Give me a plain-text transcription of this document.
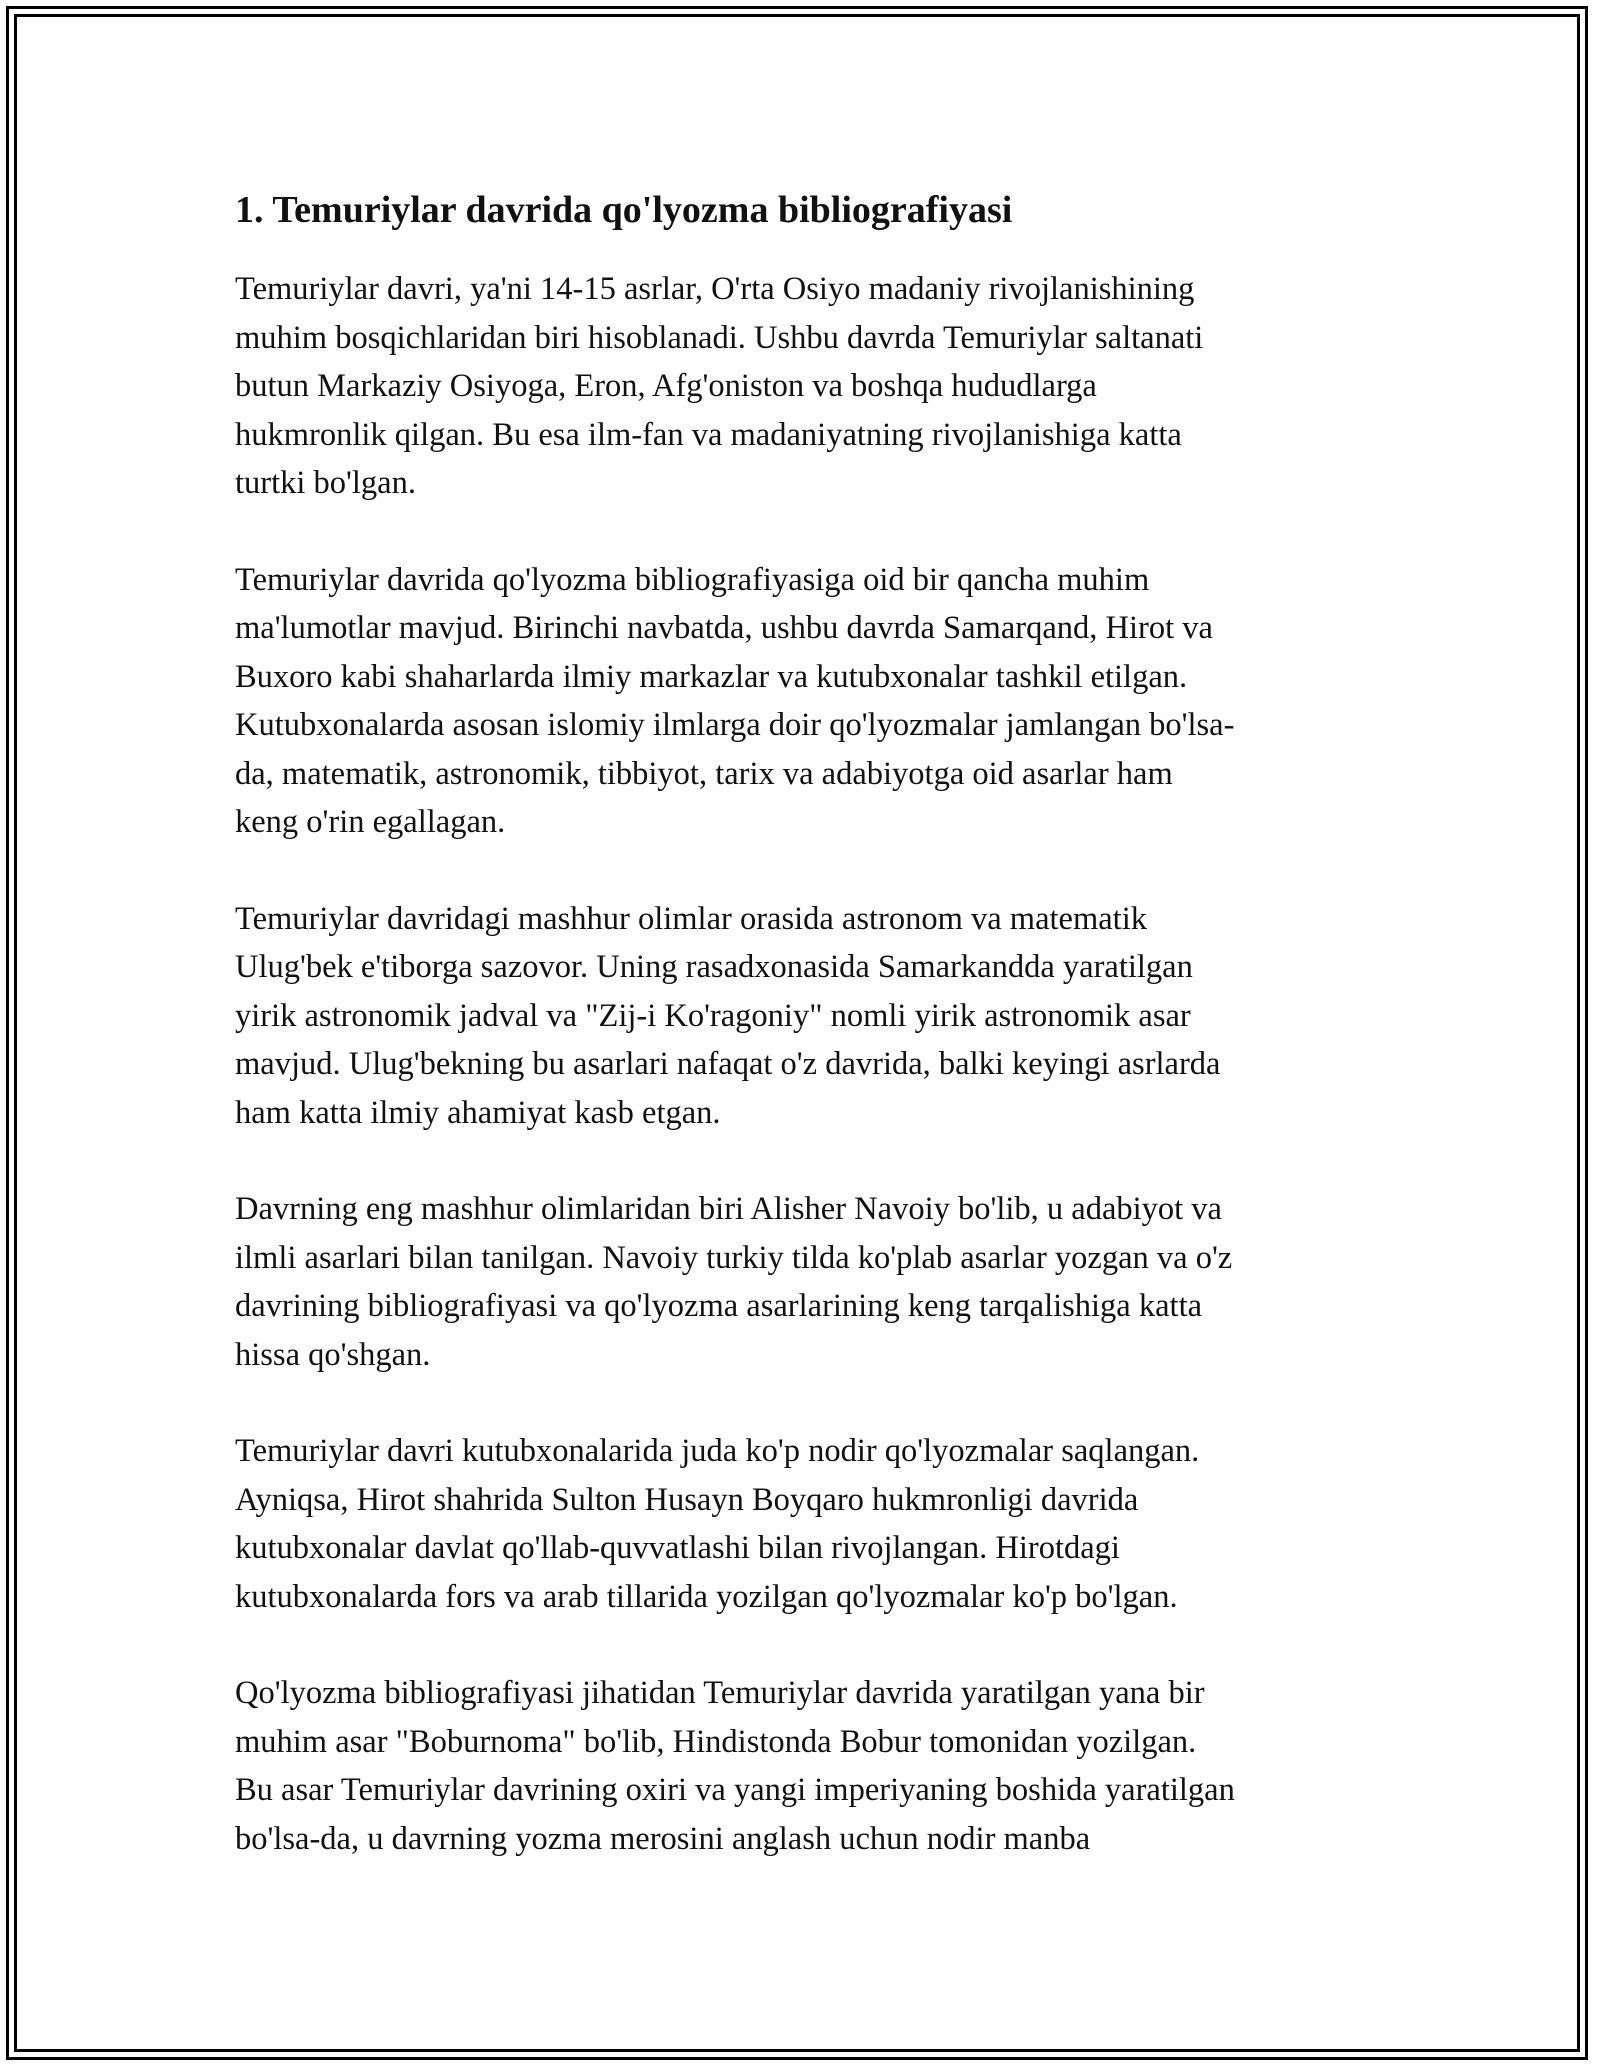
1. Temuriylar davrida qo'lyozma bibliografiyasi

Temuriylar davri, ya'ni 14-15 asrlar, O'rta Osiyo madaniy rivojlanishining
muhim bosqichlaridan biri hisoblanadi. Ushbu davrda Temuriylar saltanati
butun Markaziy Osiyoga, Eron, Afg'oniston va boshqa hududlarga
hukmronlik qilgan. Bu esa ilm-fan va madaniyatning rivojlanishiga katta
turtki bo'lgan.

Temuriylar davrida qo'lyozma bibliografiyasiga oid bir qancha muhim
ma'lumotlar mavjud. Birinchi navbatda, ushbu davrda Samarqand, Hirot va
Buxoro kabi shaharlarda ilmiy markazlar va kutubxonalar tashkil etilgan.
Kutubxonalarda asosan islomiy ilmlarga doir qo'lyozmalar jamlangan bo'lsa-
da, matematik, astronomik, tibbiyot, tarix va adabiyotga oid asarlar ham
keng o'rin egallagan.

Temuriylar davridagi mashhur olimlar orasida astronom va matematik
Ulug'bek e'tiborga sazovor. Uning rasadxonasida Samarkandda yaratilgan
yirik astronomik jadval va "Zij-i Ko'ragoniy" nomli yirik astronomik asar
mavjud. Ulug'bekning bu asarlari nafaqat o'z davrida, balki keyingi asrlarda
ham katta ilmiy ahamiyat kasb etgan.

Davrning eng mashhur olimlaridan biri Alisher Navoiy bo'lib, u adabiyot va
ilmli asarlari bilan tanilgan. Navoiy turkiy tilda ko'plab asarlar yozgan va o'z
davrining bibliografiyasi va qo'lyozma asarlarining keng tarqalishiga katta
hissa qo'shgan.

Temuriylar davri kutubxonalarida juda ko'p nodir qo'lyozmalar saqlangan.
Ayniqsa, Hirot shahrida Sulton Husayn Boyqaro hukmronligi davrida
kutubxonalar davlat qo'llab-quvvatlashi bilan rivojlangan. Hirotdagi
kutubxonalarda fors va arab tillarida yozilgan qo'lyozmalar ko'p bo'lgan.

Qo'lyozma bibliografiyasi jihatidan Temuriylar davrida yaratilgan yana bir
muhim asar "Boburnoma" bo'lib, Hindistonda Bobur tomonidan yozilgan.
Bu asar Temuriylar davrining oxiri va yangi imperiyaning boshida yaratilgan
bo'lsa-da, u davrning yozma merosini anglash uchun nodir manba
